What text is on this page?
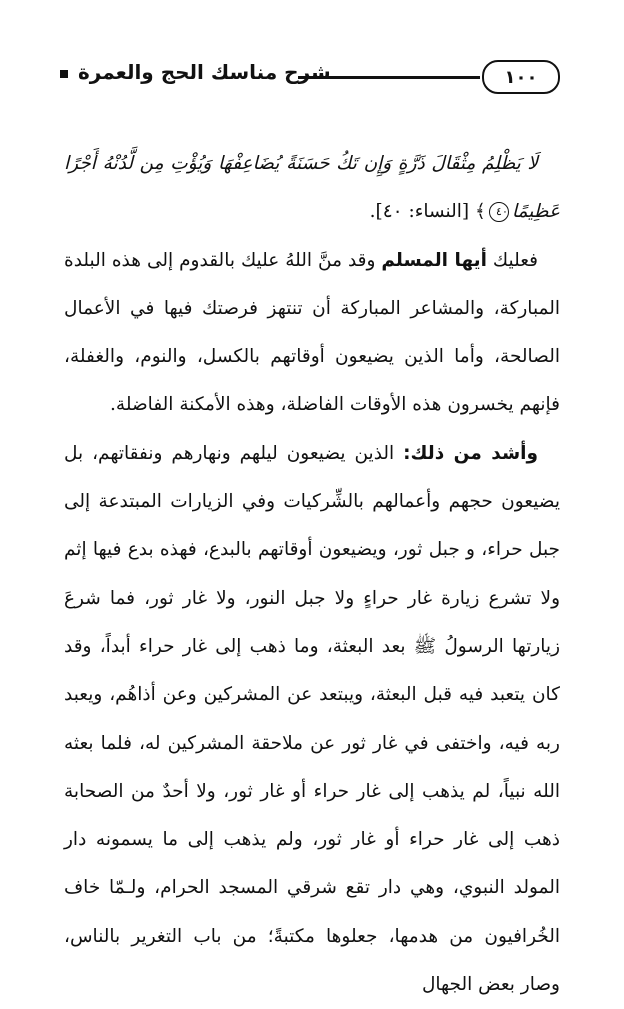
١٠٠
شرح مناسك الحج والعمرة

لَا يَظْلِمُ مِثْقَالَ ذَرَّةٍ وَإِن تَكُ حَسَنَةً يُضَاعِفْهَا وَيُؤْتِ مِن لَّدُنْهُ أَجْرًا عَظِيمًا٤٠﴾ [النساء: ٤٠].

فعليك أيها المسلم وقد منَّ اللهُ عليك بالقدوم إلى هذه البلدة المباركة، والمشاعر المباركة أن تنتهز فرصتك فيها في الأعمال الصالحة، وأما الذين يضيعون أوقاتهم بالكسل، والنوم، والغفلة، فإنهم يخسرون هذه الأوقات الفاضلة، وهذه الأمكنة الفاضلة.

وأشد من ذلك: الذين يضيعون ليلهم ونهارهم ونفقاتهم، بل يضيعون حجهم وأعمالهم بالشِّركيات وفي الزيارات المبتدعة إلى جبل حراء، و جبل ثور، ويضيعون أوقاتهم بالبدع، فهذه بدع فيها إثم ولا تشرع زيارة غار حراءٍ ولا جبل النور، ولا غار ثور، فما شرعَ زيارتها الرسولُ ﷺ بعد البعثة، وما ذهب إلى غار حراء أبداً، وقد كان يتعبد فيه قبل البعثة، ويبتعد عن المشركين وعن أذاهُم، ويعبد ربه فيه، واختفى في غار ثور عن ملاحقة المشركين له، فلما بعثه الله نبياً، لم يذهب إلى غار حراء أو غار ثور، ولا أحدٌ من الصحابة ذهب إلى غار حراء أو غار ثور، ولم يذهب إلى ما يسمونه دار المولد النبوي، وهي دار تقع شرقي المسجد الحرام، ولـمّا خاف الخُرافيون من هدمها، جعلوها مكتبةً؛ من باب التغرير بالناس، وصار بعض الجهال
